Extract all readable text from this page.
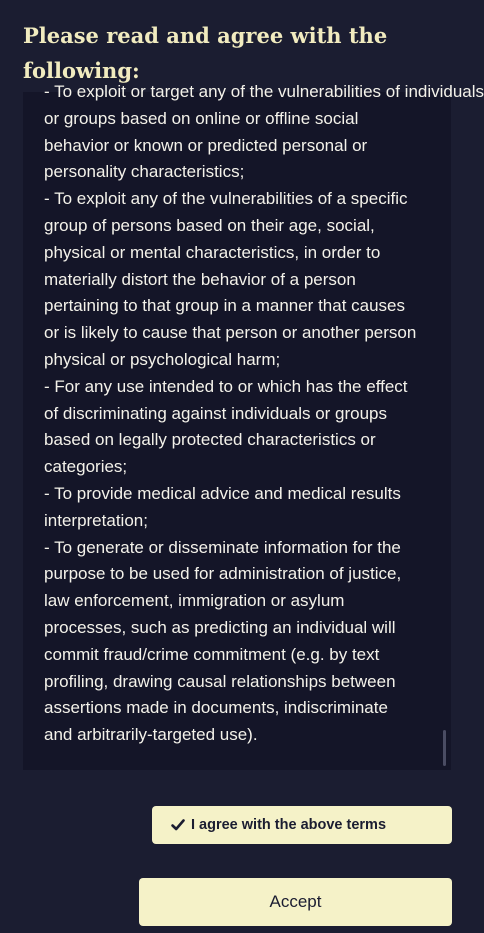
Please read and agree with the following:
- To exploit or target any of the vulnerabilities of individuals
or groups based on online or offline social
behavior or known or predicted personal or
personality characteristics;
- To exploit any of the vulnerabilities of a specific
group of persons based on their age, social,
physical or mental characteristics, in order to
materially distort the behavior of a person
pertaining to that group in a manner that causes
or is likely to cause that person or another person
physical or psychological harm;
- For any use intended to or which has the effect
of discriminating against individuals or groups
based on legally protected characteristics or
categories;
- To provide medical advice and medical results
interpretation;
- To generate or disseminate information for the
purpose to be used for administration of justice,
law enforcement, immigration or asylum
processes, such as predicting an individual will
commit fraud/crime commitment (e.g. by text
profiling, drawing causal relationships between
assertions made in documents, indiscriminate
and arbitrarily-targeted use).
I agree with the above terms
Accept
